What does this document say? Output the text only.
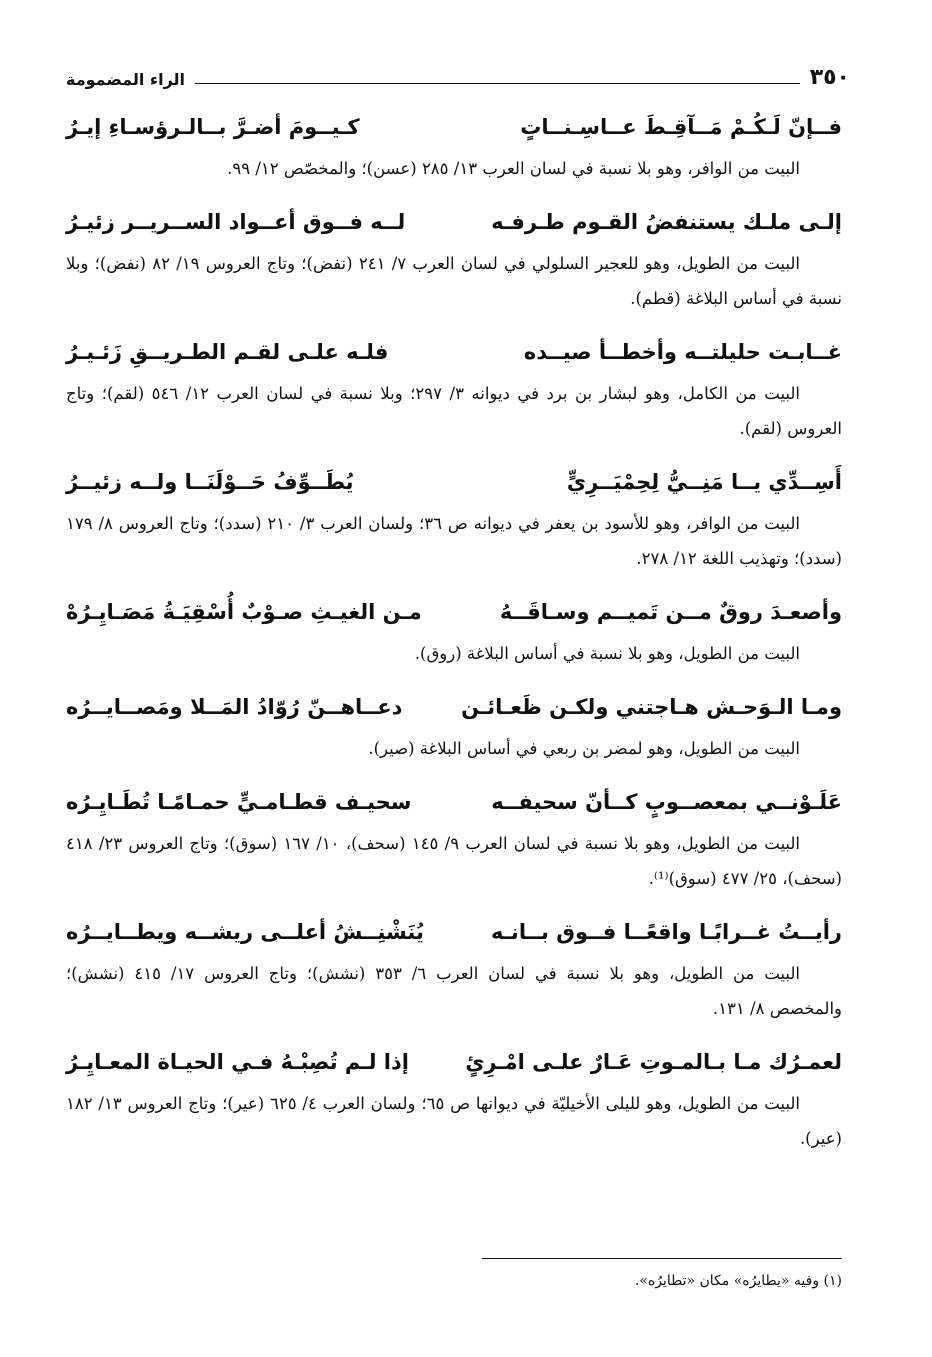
٣٥٠
الراء المضمومة
فــإنّ لَـكُـمْ مَــآقِـطَ عــاسِـنــاتٍ
كـيــومَ أضـرَّ بــالـرؤسـاءِ إيـرُ

البيت من الوافر، وهو بلا نسبة في لسان العرب ١٣/ ٢٨٥ (عسن)؛ والمخصّص ١٢/ ٩٩.

إلـى ملـك يستنفضُ القـوم طـرفـه
لــه فــوق أعــواد الســريــر زئيـرُ

البيت من الطويل، وهو للعجير السلولي في لسان العرب ٧/ ٢٤١ (نفض)؛ وتاج العروس ١٩/ ٨٢ (نفض)؛ وبلا نسبة في أساس البلاغة (قطم).

غــابـت حليلتــه وأخطــأ صيــده
فلـه علـى لقـم الطـريــقِ زَئـيـرُ

البيت من الكامل، وهو لبشار بن برد في ديوانه ٣/ ٢٩٧؛ وبلا نسبة في لسان العرب ١٢/ ٥٤٦ (لقم)؛ وتاج العروس (لقم).

أَسِــدِّي يــا مَنِــيُّ لِحِمْيَــرِيٍّ
يُطَــوِّفُ حَــوْلَنَــا ولــه زئيــرُ

البيت من الوافر، وهو للأسود بن يعفر في ديوانه ص ٣٦؛ ولسان العرب ٣/ ٢١٠ (سدد)؛ وتاج العروس ٨/ ١٧٩ (سدد)؛ وتهذيب اللغة ١٢/ ٢٧٨.

وأصعـدَ روقٌ مــن تَميــم وسـاقَــهُ
مـن الغيـثِ صـوْبٌ أُسْقِيَـةُ مَصَـايِـرُهْ

البيت من الطويل، وهو بلا نسبة في أساس البلاغة (روق).

ومـا الـوَحـش هـاجتني ولكـن ظَعـائـن
دعــاهــنّ رُوّادُ المَــلا ومَصــايــرُه

البيت من الطويل، وهو لمضر بن ربعي في أساس البلاغة (صير).

عَلَـوْنــي بمعصــوبٍ كــأنّ سحيفــه
سحيـف قطـامـيٍّ حمـامًـا تُطَـايِـرُه

البيت من الطويل، وهو بلا نسبة في لسان العرب ٩/ ١٤٥ (سحف)، ١٠/ ١٦٧ (سوق)؛ وتاج العروس ٢٣/ ٤١٨ (سحف)، ٢٥/ ٤٧٧ (سوق)⁽¹⁾.

رأيــتُ غــرابًـا واقعًــا فــوق بــانـه
يُنَشْنِــشُ أعلــى ريشــه ويطــايــرُه

البيت من الطويل، وهو بلا نسبة في لسان العرب ٦/ ٣٥٣ (نشش)؛ وتاج العروس ١٧/ ٤١٥ (نشش)؛ والمخصص ٨/ ١٣١.

لعمـرُك مـا بـالمـوتِ عَـارٌ علـى امْـرِئٍ
إذا لـم تُصِبْـهُ فـي الحيـاة المعـايِـرُ

البيت من الطويل، وهو لليلى الأخيليّة في ديوانها ص ٦٥؛ ولسان العرب ٤/ ٦٢٥ (عير)؛ وتاج العروس ١٣/ ١٨٢ (عير).

(١) وفيه «يطايرُه» مكان «تطايرُه».
